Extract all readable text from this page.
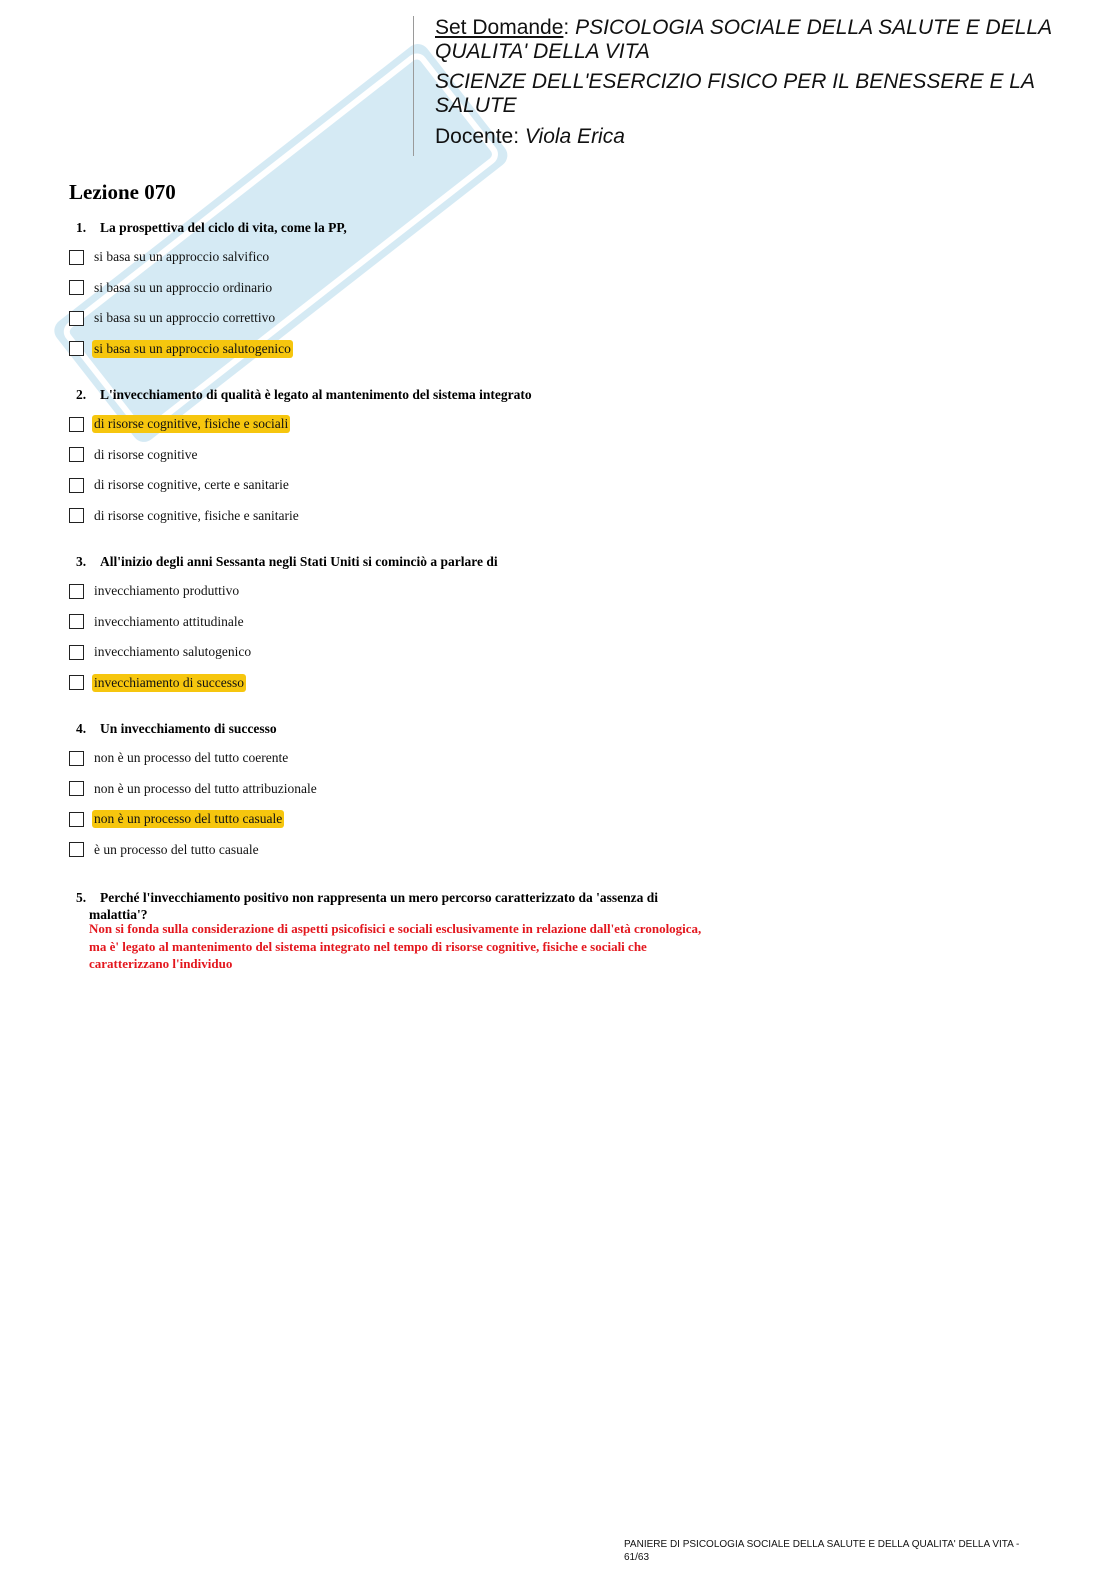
Set Domande: PSICOLOGIA SOCIALE DELLA SALUTE E DELLA

QUALITA' DELLA VITA

SCIENZE DELL'ESERCIZIO FISICO PER IL BENESSERE E LA

SALUTE

Docente: Viola Erica

Lezione 070

1. La prospettiva del ciclo di vita, come la PP,

si basa su un approccio salvifico
si basa su un approccio ordinario
si basa su un approccio correttivo
si basa su un approccio salutogenico

2. L'invecchiamento di qualità è legato al mantenimento del sistema integrato

di risorse cognitive, fisiche e sociali
di risorse cognitive
di risorse cognitive, certe e sanitarie
di risorse cognitive, fisiche e sanitarie

3. All'inizio degli anni Sessanta negli Stati Uniti si cominciò a parlare di

invecchiamento produttivo
invecchiamento attitudinale
invecchiamento salutogenico
invecchiamento di successo

4. Un invecchiamento di successo

non è un processo del tutto coerente
non è un processo del tutto attribuzionale
non è un processo del tutto casuale
è un processo del tutto casuale

5. Perché l'invecchiamento positivo non rappresenta un mero percorso caratterizzato da 'assenza di
malattia'?

Non si fonda sulla considerazione di aspetti psicofisici e sociali esclusivamente in relazione dall'età cronologica,
ma è' legato al mantenimento del sistema integrato nel tempo di risorse cognitive, fisiche e sociali che
caratterizzano l'individuo

PANIERE DI PSICOLOGIA SOCIALE DELLA SALUTE E DELLA QUALITA' DELLA VITA -
61/63
